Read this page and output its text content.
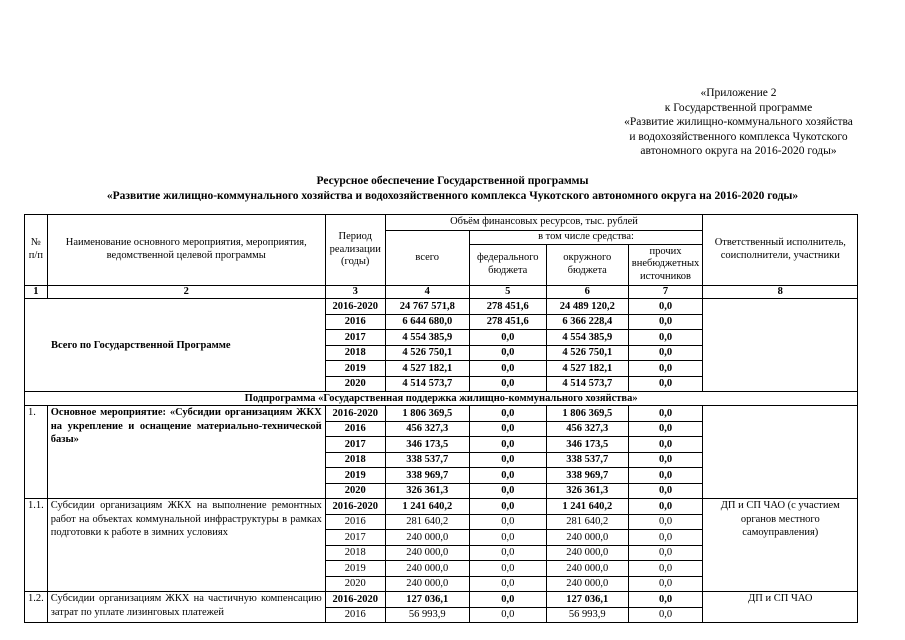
«Приложение 2
к Государственной программе
«Развитие жилищно-коммунального хозяйства
и водохозяйственного комплекса Чукотского
автономного округа на 2016-2020 годы»
Ресурсное обеспечение Государственной программы
«Развитие жилищно-коммунального хозяйства и водохозяйственного комплекса Чукотского автономного округа на 2016-2020 годы»
№ п/п	Наименование основного мероприятия, мероприятия, ведомственной целевой программы	Период реализации (годы)	Объём финансовых ресурсов, тыс. рублей				Ответственный исполнитель, соисполнители, участники
			всего	в том числе средства:			
				федерального бюджета	окружного бюджета	прочих внебюджетных источников	
1	2	3	4	5	6	7	8
Всего по Государственной Программе		2016-2020	24 767 571,8	278 451,6	24 489 120,2	0,0	
		2016	6 644 680,0	278 451,6	6 366 228,4	0,0	
		2017	4 554 385,9	0,0	4 554 385,9	0,0	
		2018	4 526 750,1	0,0	4 526 750,1	0,0	
		2019	4 527 182,1	0,0	4 527 182,1	0,0	
		2020	4 514 573,7	0,0	4 514 573,7	0,0	
Подпрограмма «Государственная поддержка жилищно-коммунального хозяйства»							
1.	Основное мероприятие: «Субсидии организациям ЖКХ на укрепление и оснащение материально-технической базы»	2016-2020	1 806 369,5	0,0	1 806 369,5	0,0	
		2016	456 327,3	0,0	456 327,3	0,0	
		2017	346 173,5	0,0	346 173,5	0,0	
		2018	338 537,7	0,0	338 537,7	0,0	
		2019	338 969,7	0,0	338 969,7	0,0	
		2020	326 361,3	0,0	326 361,3	0,0	
1.1.	Субсидии организациям ЖКХ на выполнение ремонтных работ на объектах коммунальной инфраструктуры в рамках подготовки к работе в зимних условиях	2016-2020	1 241 640,2	0,0	1 241 640,2	0,0	ДП и СП ЧАО (с участием органов местного самоуправления)
		2016	281 640,2	0,0	281 640,2	0,0	
		2017	240 000,0	0,0	240 000,0	0,0	
		2018	240 000,0	0,0	240 000,0	0,0	
		2019	240 000,0	0,0	240 000,0	0,0	
		2020	240 000,0	0,0	240 000,0	0,0	
1.2.	Субсидии организациям ЖКХ на частичную компенсацию затрат по уплате лизинговых платежей	2016-2020	127 036,1	0,0	127 036,1	0,0	ДП и СП ЧАО
		2016	56 993,9	0,0	56 993,9	0,0	
